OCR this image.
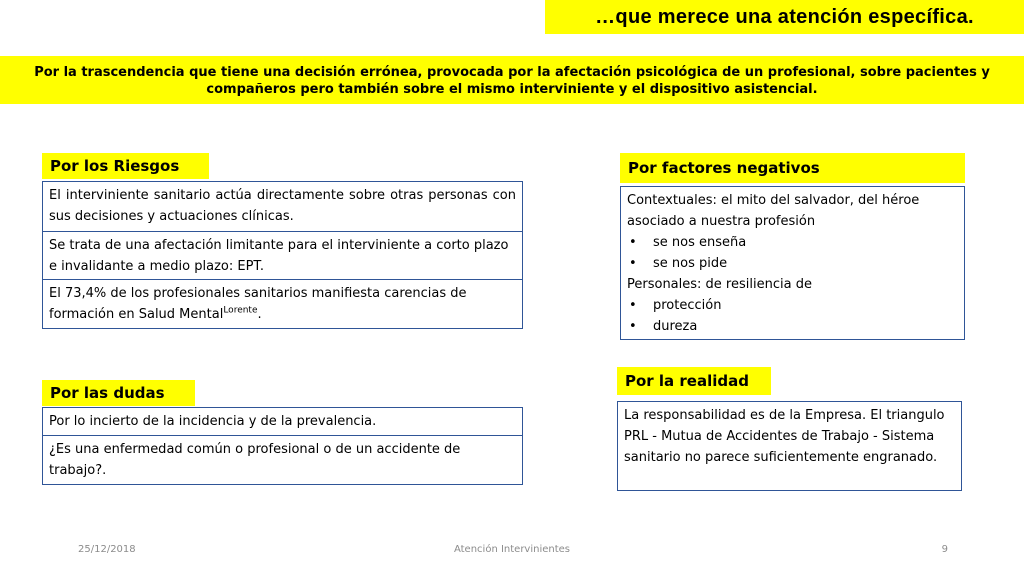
…que merece una atención específica.
Por la trascendencia que tiene una decisión errónea, provocada por la afectación psicológica de un profesional, sobre pacientes y compañeros pero también sobre el mismo interviniente y el dispositivo asistencial.
Por los Riesgos
El interviniente sanitario actúa directamente sobre otras personas con sus decisiones y actuaciones clínicas.
Se trata de una afectación limitante para el interviniente a corto plazo e invalidante a medio plazo: EPT.
El 73,4% de los profesionales sanitarios manifiesta carencias de formación en Salud Mental$^{Lorente}$.
Por las dudas
Por lo incierto de la incidencia y de la prevalencia.
¿Es una enfermedad común o profesional o de un accidente de trabajo?.
Por factores negativos
Contextuales: el mito del salvador, del héroe asociado a nuestra profesión
•	se nos enseña
•	se nos pide
Personales: de resiliencia de
•	protección
•	dureza
Por la realidad
La responsabilidad es de la Empresa. El triangulo PRL - Mutua de Accidentes de Trabajo - Sistema sanitario no parece suficientemente engranado.
25/12/2018	Atención Intervinientes	9
